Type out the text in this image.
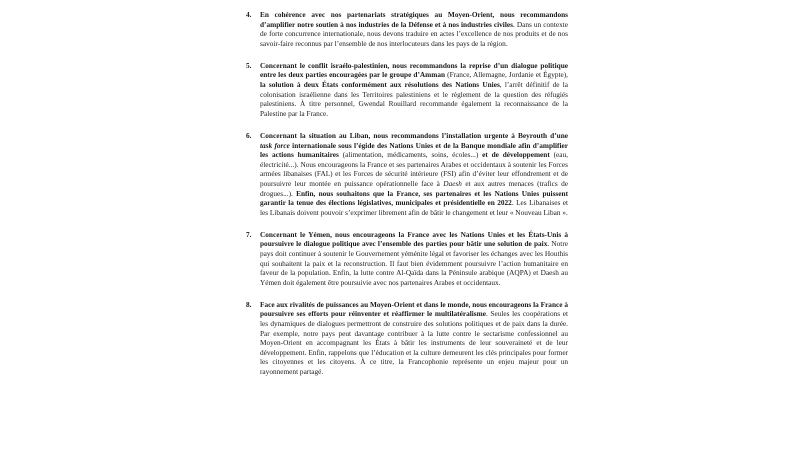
4.	En cohérence avec nos partenariats stratégiques au Moyen-Orient, nous recommandons d’amplifier notre soutien à nos industries de la Défense et à nos industries civiles. Dans un contexte de forte concurrence internationale, nous devons traduire en actes l’excellence de nos produits et de nos savoir-faire reconnus par l’ensemble de nos interlocuteurs dans les pays de la région.
5.	Concernant le conflit israélo-palestinien, nous recommandons la reprise d’un dialogue politique entre les deux parties encouragées par le groupe d’Amman (France, Allemagne, Jordanie et Égypte), la solution à deux États conformément aux résolutions des Nations Unies, l’arrêt définitif de la colonisation israélienne dans les Territoires palestiniens et le règlement de la question des réfugiés palestiniens. À titre personnel, Gwendal Rouillard recommande également la reconnaissance de la Palestine par la France.
6.	Concernant la situation au Liban, nous recommandons l’installation urgente à Beyrouth d’une task force internationale sous l’égide des Nations Unies et de la Banque mondiale afin d’amplifier les actions humanitaires (alimentation, médicaments, soins, écoles...) et de développement (eau, électricité...). Nous encourageons la France et ses partenaires Arabes et occidentaux à soutenir les Forces armées libanaises (FAL) et les Forces de sécurité intérieure (FSI) afin d’éviter leur effondrement et de poursuivre leur montée en puissance opérationnelle face à Daesh et aux autres menaces (trafics de drogues...). Enfin, nous souhaitons que la France, ses partenaires et les Nations Unies puissent garantir la tenue des élections législatives, municipales et présidentielle en 2022. Les Libanaises et les Libanais doivent pouvoir s’exprimer librement afin de bâtir le changement et leur « Nouveau Liban ».
7.	Concernant le Yémen, nous encourageons la France avec les Nations Unies et les États-Unis à poursuivre le dialogue politique avec l’ensemble des parties pour bâtir une solution de paix. Notre pays doit continuer à soutenir le Gouvernement yéménite légal et favoriser les échanges avec les Houthis qui souhaitent la paix et la reconstruction. Il faut bien évidemment poursuivre l’action humanitaire en faveur de la population. Enfin, la lutte contre Al-Qaïda dans la Péninsule arabique (AQPA) et Daesh au Yémen doit également être poursuivie avec nos partenaires Arabes et occidentaux.
8.	Face aux rivalités de puissances au Moyen-Orient et dans le monde, nous encourageons la France à poursuivre ses efforts pour réinventer et réaffirmer le multilatéralisme. Seules les coopérations et les dynamiques de dialogues permettront de construire des solutions politiques et de paix dans la durée. Par exemple, notre pays peut davantage contribuer à la lutte contre le sectarisme confessionnel au Moyen-Orient en accompagnant les États à bâtir les instruments de leur souveraineté et de leur développement. Enfin, rappelons que l’éducation et la culture demeurent les clés principales pour former les citoyennes et les citoyens. À ce titre, la Francophonie représente un enjeu majeur pour un rayonnement partagé.
